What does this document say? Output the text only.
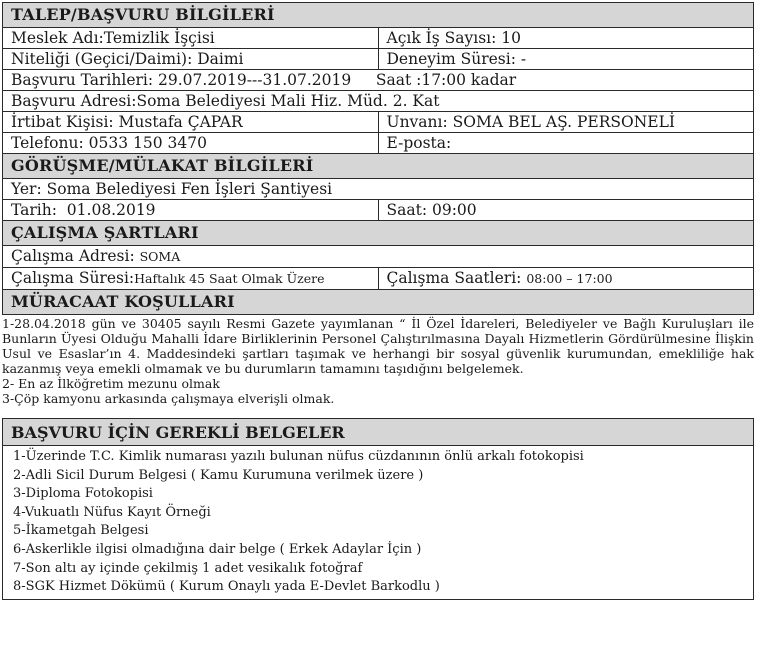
TALEP/BAŞVURU BİLGİLERİ	
Meslek Adı:Temizlik İşçisi	Açık İş Sayısı: 10
Niteliği (Geçici/Daimi): Daimi	Deneyim Süresi: -
Başvuru Tarihleri: 29.07.2019---31.07.2019     Saat :17:00 kadar	
Başvuru Adresi:Soma Belediyesi Mali Hiz. Müd. 2. Kat	
İrtibat Kişisi: Mustafa ÇAPAR	Unvanı: SOMA BEL AŞ. PERSONELİ
Telefonu: 0533 150 3470	E-posta:
GÖRÜŞME/MÜLAKAT BİLGİLERİ	
Yer: Soma Belediyesi Fen İşleri Şantiyesi	
Tarih:  01.08.2019	Saat: 09:00
ÇALIŞMA ŞARTLARI	
Çalışma Adresi: SOMA	
Çalışma Süresi:Haftalık 45 Saat Olmak Üzere	Çalışma Saatleri: 08:00 – 17:00
MÜRACAAT KOŞULLARI	

1-28.04.2018 gün ve 30405 sayılı Resmi Gazete yayımlanan “ İl Özel İdareleri, Belediyeler ve Bağlı Kuruluşları ile Bunların Üyesi Olduğu Mahalli İdare Birliklerinin Personel Çalıştırılmasına Dayalı Hizmetlerin Gördürülmesine İlişkin Usul ve Esaslar’ın 4. Maddesindeki şartları taşımak ve herhangi bir sosyal güvenlik kurumundan, emekliliğe hak kazanmış veya emekli olmamak ve bu durumların tamamını taşıdığını belgelemek.

2- En az İlköğretim mezunu olmak

3-Çöp kamyonu arkasında çalışmaya elverişli olmak.

BAŞVURU İÇİN GEREKLİ BELGELER
1-Üzerinde T.C. Kimlik numarası yazılı bulunan nüfus cüzdanının önlü arkalı fotokopisi
2-Adli Sicil Durum Belgesi ( Kamu Kurumuna verilmek üzere )
3-Diploma Fotokopisi
4-Vukuatlı Nüfus Kayıt Örneği
5-İkametgah Belgesi
6-Askerlikle ilgisi olmadığına dair belge ( Erkek Adaylar İçin )
7-Son altı ay içinde çekilmiş 1 adet vesikalık fotoğraf
8-SGK Hizmet Dökümü ( Kurum Onaylı yada E-Devlet Barkodlu )
